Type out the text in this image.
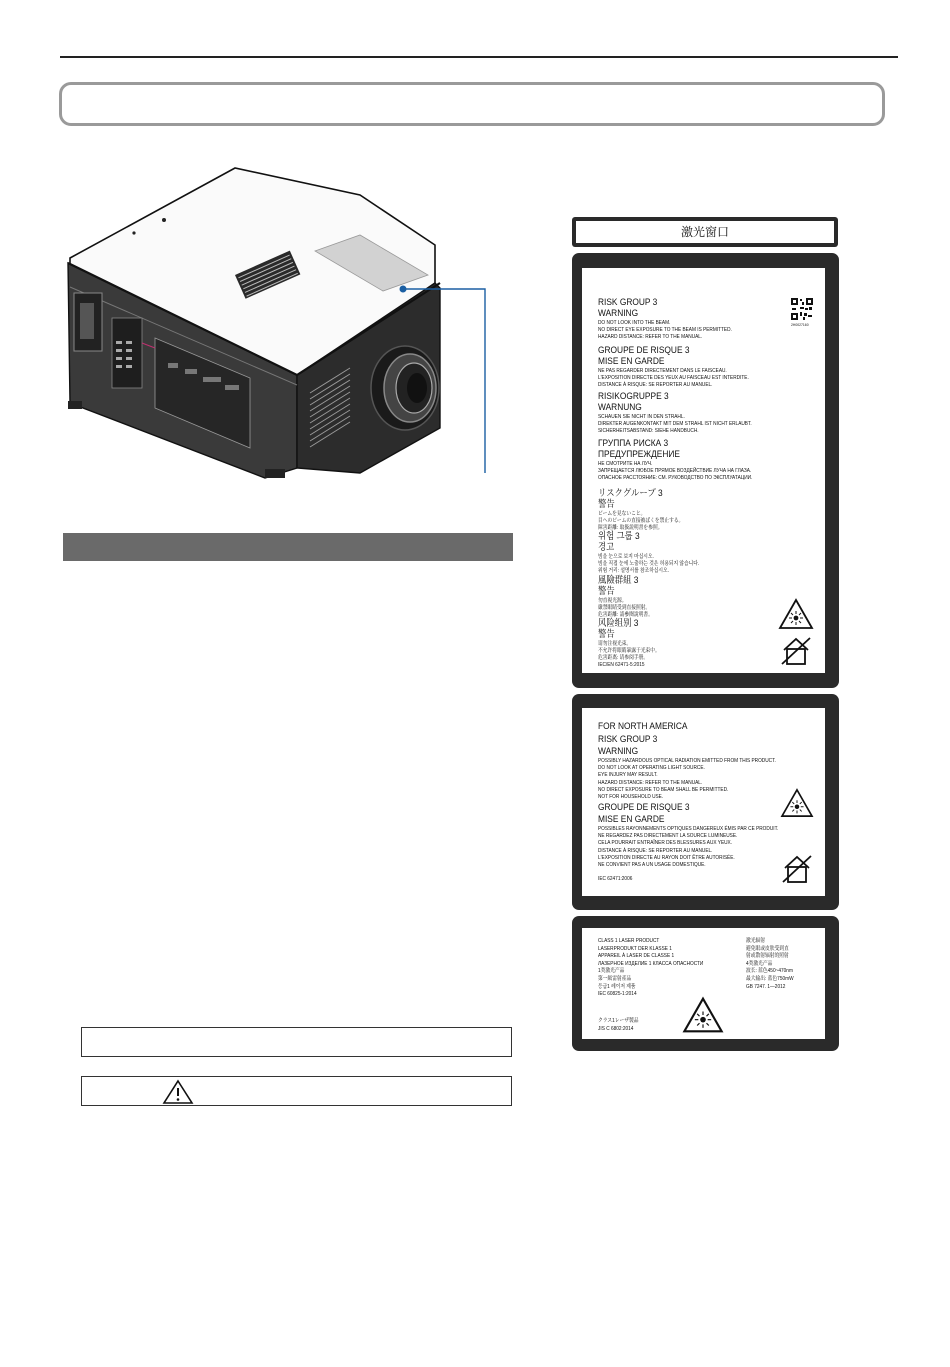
激光窗口
RISK GROUP 3
WARNING
DO NOT LOOK INTO THE BEAM.
NO DIRECT EYE EXPOSURE TO THE BEAM IS PERMITTED.
HAZARD DISTANCE: REFER TO THE MANUAL.
GROUPE DE RISQUE 3
MISE EN GARDE
NE PAS REGARDER DIRECTEMENT DANS LE FAISCEAU.
L'EXPOSITION DIRECTE DES YEUX AU FAISCEAU EST INTERDITE.
DISTANCE À RISQUE: SE REPORTER AU MANUEL.
RISIKOGRUPPE 3
WARNUNG
SCHAUEN SIE NICHT IN DEN STRAHL.
DIREKTER AUGENKONTAKT MIT DEM STRAHL IST NICHT ERLAUBT.
SICHERHEITSABSTAND: SIEHE HANDBUCH.
ГРУППА РИСКА 3
ПРЕДУПРЕЖДЕНИЕ
НЕ СМОТРИТЕ НА ЛУЧ.
ЗАПРЕЩАЕТСЯ ЛЮБОЕ ПРЯМОЕ ВОЗДЕЙСТВИЕ ЛУЧА НА ГЛАЗА.
ОПАСНОЕ РАССТОЯНИЕ: СМ. РУКОВОДСТВО ПО ЭКСПЛУАТАЦИИ.
リスクグループ 3
警告
ビームを見ないこと。
目へのビームの直接被ばくを禁止する。
障害距離: 取扱説明書を参照。
위험 그룹 3
경고
빔을 눈으로 보지 마십시오.
빔을 직접 눈에 노출하는 것은 허용되지 않습니다.
위험 거리: 설명서를 참조하십시오.
風險群組 3
警告
勿直視光源。
嚴禁眼睛受到直接照射。
危害距離: 請參閱說明書。
风险组别 3
警告
请勿注视光束。
不允许将眼睛暴露于光束中。
危害距离: 请参阅手册。
IEC/EN 62471-5:2015
2H0027160
FOR NORTH AMERICA
RISK GROUP 3
WARNING
POSSIBLY HAZARDOUS OPTICAL RADIATION EMITTED FROM THIS PRODUCT.
DO NOT LOOK AT OPERATING LIGHT SOURCE.
EYE INJURY MAY RESULT.
HAZARD DISTANCE: REFER TO THE MANUAL.
NO DIRECT EXPOSURE TO BEAM SHALL BE PERMITTED.
NOT FOR HOUSEHOLD USE.
GROUPE DE RISQUE 3
MISE EN GARDE
POSSIBLES RAYONNEMENTS OPTIQUES DANGEREUX ÉMIS PAR CE PRODUIT.
NE REGARDEZ PAS DIRECTEMENT LA SOURCE LUMINEUSE.
CELA POURRAIT ENTRAÎNER DES BLESSURES AUX YEUX.
DISTANCE À RISQUE: SE REPORTER AU MANUEL.
L'EXPOSITION DIRECTE AU RAYON DOIT ÊTRE AUTORISÉE.
NE CONVIENT PAS A UN USAGE DOMESTIQUE.
IEC 62471:2006
CLASS 1 LASER PRODUCT
LASERPRODUKT DER KLASSE 1
APPAREIL À LASER DE CLASSE 1
ЛАЗЕРНОЕ ИЗДЕЛИЕ 1 КЛАССА ОПАСНОСТИ
1类激光产品
第一級雷射產品
등급1 레이저 제품
IEC 60825-1:2014
激光辐射
避免眼或皮肤受到直
射或散射辐射的照射
4类激光产品
波长: 蓝色450~470nm
最大输出: 蓝色750mW
GB 7247. 1—2012
クラス1レーザ製品
JIS C 6802:2014
